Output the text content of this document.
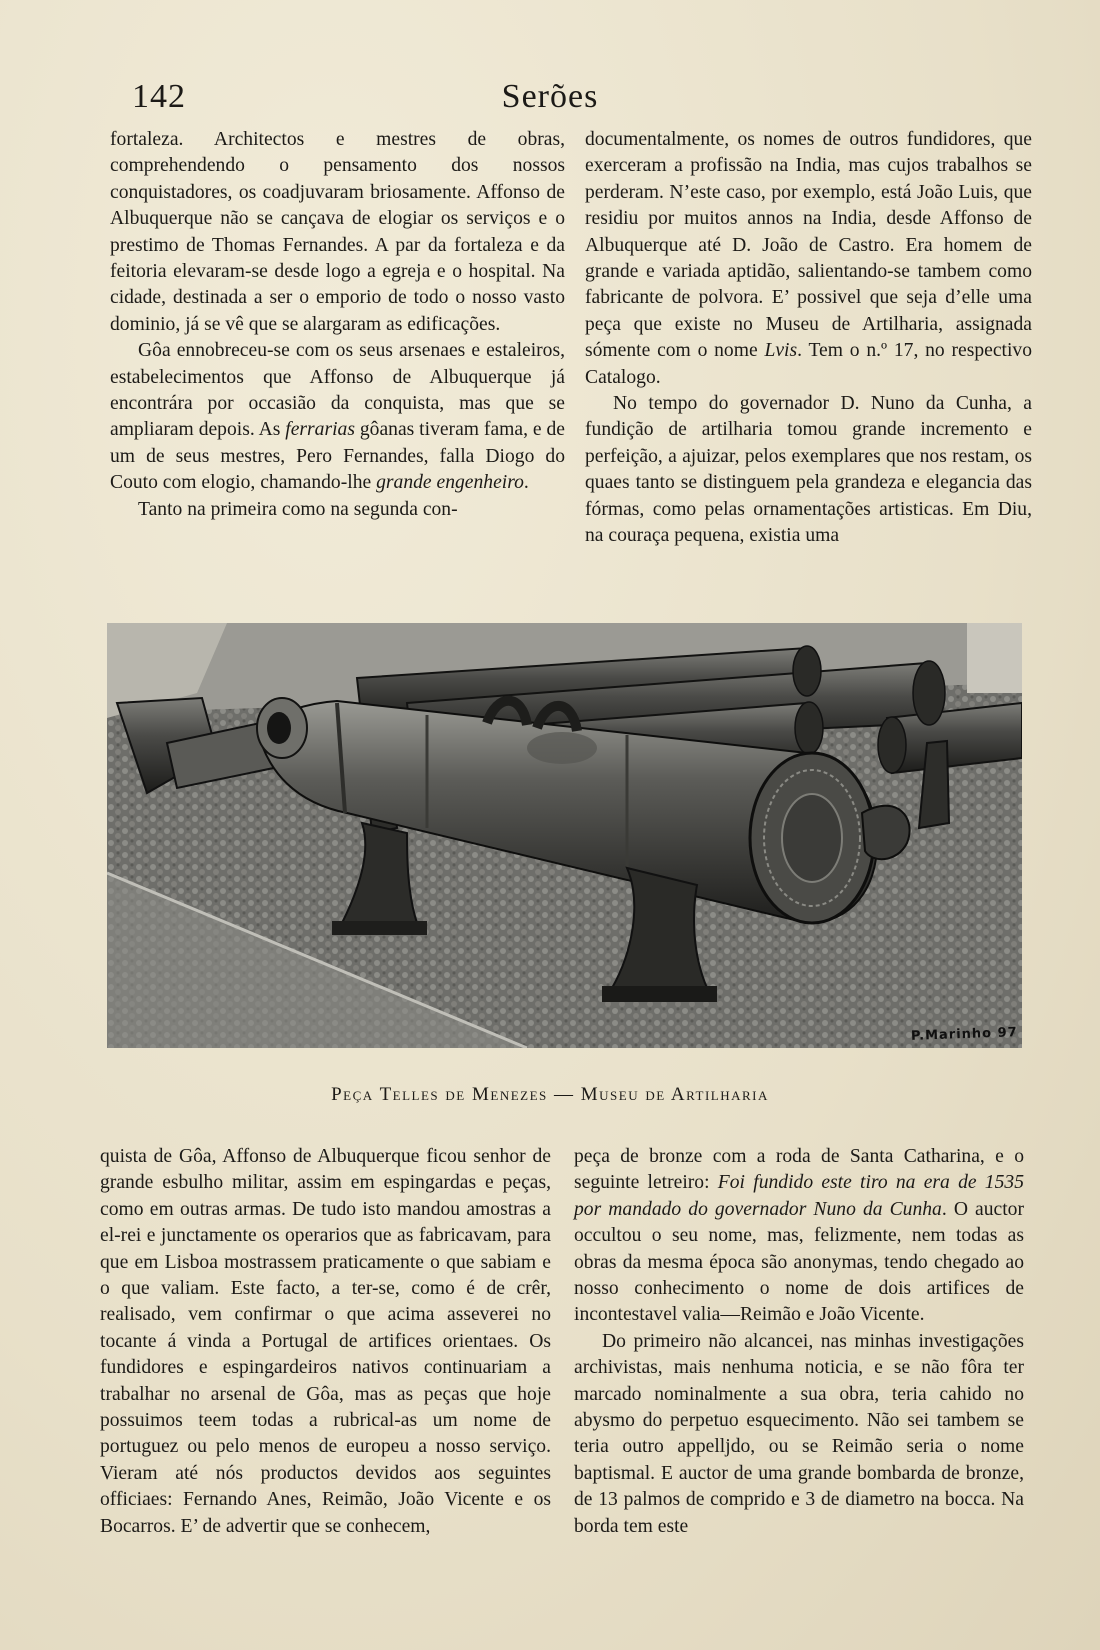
142	Serões

fortaleza. Architectos e mestres de obras, comprehendendo o pensamento dos nossos conquistadores, os coadjuvaram briosamente. Affonso de Albuquerque não se cançava de elogiar os serviços e o prestimo de Thomas Fernandes. A par da fortaleza e da feitoria elevaram-se desde logo a egreja e o hospital. Na cidade, destinada a ser o emporio de todo o nosso vasto dominio, já se vê que se alargaram as edificações.

Gôa ennobreceu-se com os seus arsenaes e estaleiros, estabelecimentos que Affonso de Albuquerque já encontrára por occasião da conquista, mas que se ampliaram depois. As ferrarias gôanas tiveram fama, e de um de seus mestres, Pero Fernandes, falla Diogo do Couto com elogio, chamando-lhe grande engenheiro.

Tanto na primeira como na segunda con-

documentalmente, os nomes de outros fundidores, que exerceram a profissão na India, mas cujos trabalhos se perderam. N’este caso, por exemplo, está João Luis, que residiu por muitos annos na India, desde Affonso de Albuquerque até D. João de Castro. Era homem de grande e variada aptidão, salientando-se tambem como fabricante de polvora. E’ possivel que seja d’elle uma peça que existe no Museu de Artilharia, assignada sómente com o nome Lvis. Tem o n.º 17, no respectivo Catalogo.

No tempo do governador D. Nuno da Cunha, a fundição de artilharia tomou grande incremento e perfeição, a ajuizar, pelos exemplares que nos restam, os quaes tanto se distinguem pela grandeza e elegancia das fórmas, como pelas ornamentações artisticas. Em Diu, na couraça pequena, existia uma

P.Marinho 97
Peça Telles de Menezes — Museu de Artilharia

quista de Gôa, Affonso de Albuquerque ficou senhor de grande esbulho militar, assim em espingardas e peças, como em outras armas. De tudo isto mandou amostras a el-rei e junctamente os operarios que as fabricavam, para que em Lisboa mostrassem praticamente o que sabiam e o que valiam. Este facto, a ter-se, como é de crêr, realisado, vem confirmar o que acima asseverei no tocante á vinda a Portugal de artifices orientaes. Os fundidores e espingardeiros nativos continuariam a trabalhar no arsenal de Gôa, mas as peças que hoje possuimos teem todas a rubrical-as um nome de portuguez ou pelo menos de europeu a nosso serviço. Vieram até nós productos devidos aos seguintes officiaes: Fernando Anes, Reimão, João Vicente e os Bocarros. E’ de advertir que se conhecem,

peça de bronze com a roda de Santa Catharina, e o seguinte letreiro: Foi fundido este tiro na era de 1535 por mandado do governador Nuno da Cunha. O auctor occultou o seu nome, mas, felizmente, nem todas as obras da mesma época são anonymas, tendo chegado ao nosso conhecimento o nome de dois artifices de incontestavel valia—Reimão e João Vicente.

Do primeiro não alcancei, nas minhas investigações archivistas, mais nenhuma noticia, e se não fôra ter marcado nominalmente a sua obra, teria cahido no abysmo do perpetuo esquecimento. Não sei tambem se teria outro appelljdo, ou se Reimão seria o nome baptismal. E auctor de uma grande bombarda de bronze, de 13 palmos de comprido e 3 de diametro na bocca. Na borda tem este
